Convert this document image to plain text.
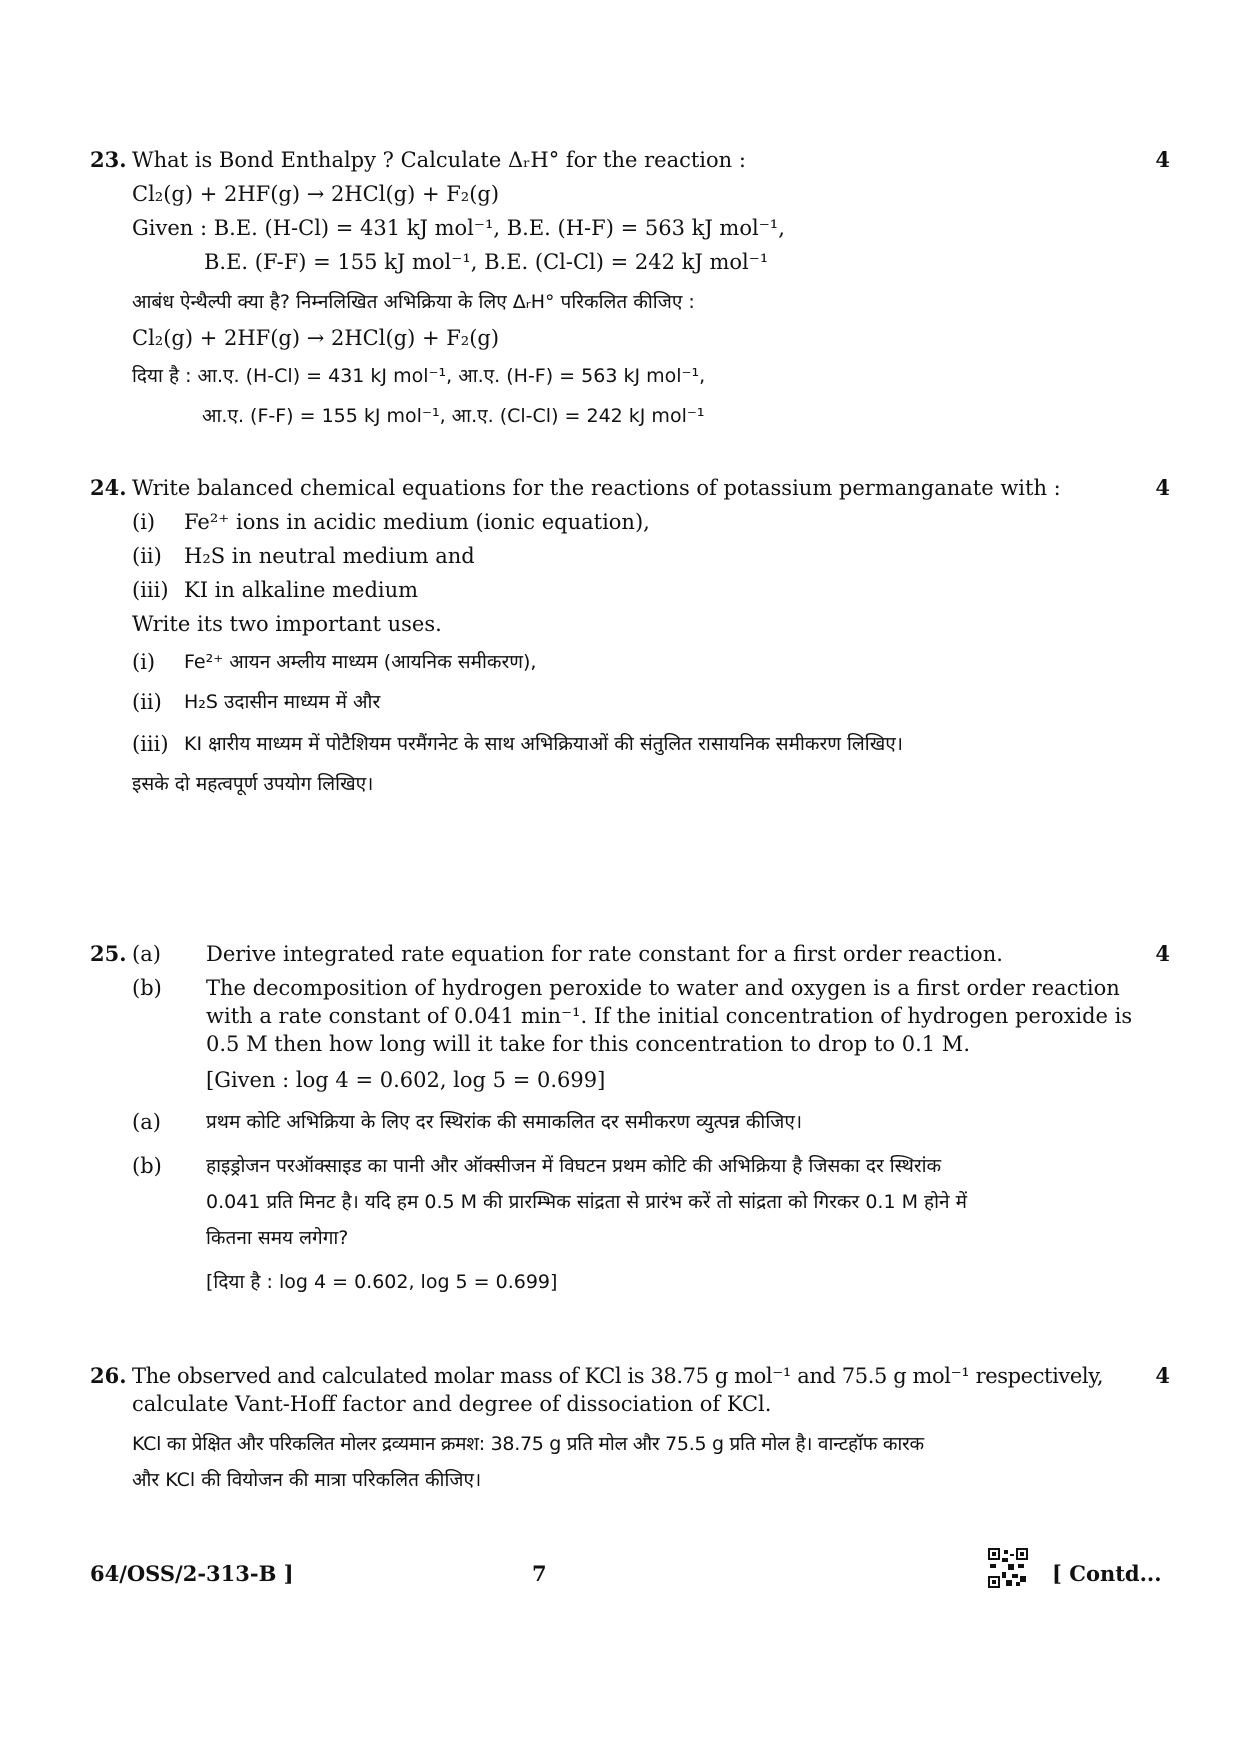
23.	4
What is Bond Enthalpy ? Calculate ΔᵣH° for the reaction :
Cl₂(g) + 2HF(g) → 2HCl(g) + F₂(g)
Given : B.E. (H-Cl) = 431 kJ mol⁻¹, B.E. (H-F) = 563 kJ mol⁻¹,
B.E. (F-F) = 155 kJ mol⁻¹, B.E. (Cl-Cl) = 242 kJ mol⁻¹
आबंध ऐन्थैल्पी क्या है? निम्नलिखित अभिक्रिया के लिए ΔᵣH° परिकलित कीजिए :
Cl₂(g) + 2HF(g) → 2HCl(g) + F₂(g)
दिया है : आ.ए. (H-Cl) = 431 kJ mol⁻¹, आ.ए. (H-F) = 563 kJ mol⁻¹,
आ.ए. (F-F) = 155 kJ mol⁻¹, आ.ए. (Cl-Cl) = 242 kJ mol⁻¹
24.	4
Write balanced chemical equations for the reactions of potassium permanganate with :
(i) Fe²⁺ ions in acidic medium (ionic equation),
(ii) H₂S in neutral medium and
(iii) KI in alkaline medium
Write its two important uses.
(i) Fe²⁺ आयन अम्लीय माध्यम (आयनिक समीकरण),
(ii) H₂S उदासीन माध्यम में और
(iii) KI क्षारीय माध्यम में पोटैशियम परमैंगनेट के साथ अभिक्रियाओं की संतुलित रासायनिक समीकरण लिखिए।
इसके दो महत्वपूर्ण उपयोग लिखिए।
25.	4
(a) Derive integrated rate equation for rate constant for a first order reaction.
(b) The decomposition of hydrogen peroxide to water and oxygen is a first order reaction
with a rate constant of 0.041 min⁻¹. If the initial concentration of hydrogen peroxide is
0.5 M then how long will it take for this concentration to drop to 0.1 M.
[Given : log 4 = 0.602, log 5 = 0.699]
(a) प्रथम कोटि अभिक्रिया के लिए दर स्थिरांक की समाकलित दर समीकरण व्युत्पन्न कीजिए।
(b) हाइड्रोजन परऑक्साइड का पानी और ऑक्सीजन में विघटन प्रथम कोटि की अभिक्रिया है जिसका दर स्थिरांक
0.041 प्रति मिनट है। यदि हम 0.5 M की प्रारम्भिक सांद्रता से प्रारंभ करें तो सांद्रता को गिरकर 0.1 M होने में
कितना समय लगेगा?
[दिया है : log 4 = 0.602, log 5 = 0.699]
26.	4
The observed and calculated molar mass of KCl is 38.75 g mol⁻¹ and 75.5 g mol⁻¹ respectively,
calculate Vant-Hoff factor and degree of dissociation of KCl.
KCl का प्रेक्षित और परिकलित मोलर द्रव्यमान क्रमश: 38.75 g प्रति मोल और 75.5 g प्रति मोल है। वान्टहॉफ कारक
और KCl की वियोजन की मात्रा परिकलित कीजिए।
64/OSS/2-313-B ]	7	[ Contd...
